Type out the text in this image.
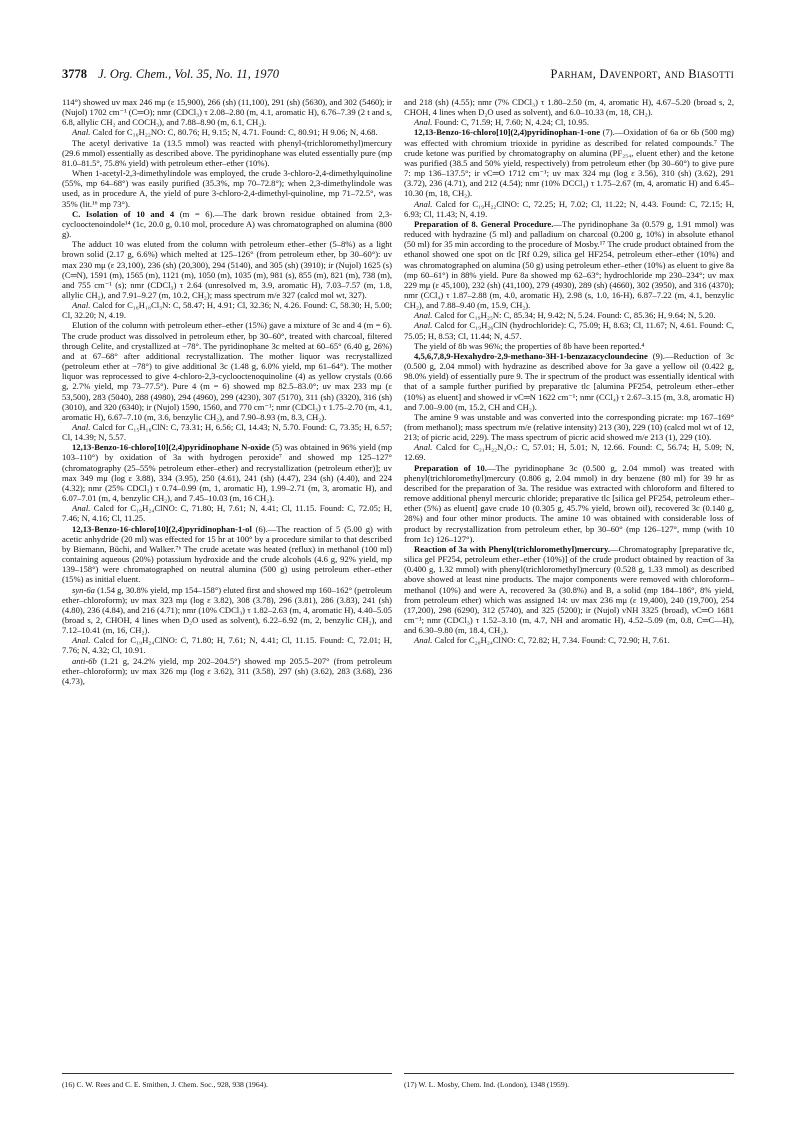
3778 J. Org. Chem., Vol. 35, No. 11, 1970	Parham, Davenport, and Biasotti

114°) showed uv max 246 mμ (ε 15,900), 266 (sh) (11,100), 291 (sh) (5630), and 302 (5460); ir (Nujol) 1702 cm⁻¹ (C═O); nmr (CDCl₃) τ 2.08–2.80 (m, 4.1, aromatic H), 6.76–7.39 (2 t and s, 6.8, allylic CH₂ and COCH₃), and 7.88–8.90 (m, 6.1, CH₂).

Anal. Calcd for C₁₆H₂₂NO: C, 80.76; H, 9.15; N, 4.71. Found: C, 80.91; H 9.06; N, 4.68.

The acetyl derivative 1a (13.5 mmol) was reacted with phenyl-(trichloromethyl)mercury (29.6 mmol) essentially as described above. The pyridinophane was eluted essentially pure (mp 81.0–81.5°, 75.8% yield) with petroleum ether–ether (10%).

When 1-acetyl-2,3-dimethylindole was employed, the crude 3-chloro-2,4-dimethylquinoline (55%, mp 64–68°) was easily purified (35.3%, mp 70–72.8°); when 2,3-dimethylindole was used, as in procedure A, the yield of pure 3-chloro-2,4-dimethyl-quinoline, mp 71–72.5°, was 35% (lit.¹⁶ mp 73°).

C. Isolation of 10 and 4 (m = 6).—The dark brown residue obtained from 2,3-cyclooctenoindole¹⁴ (1c, 20.0 g, 0.10 mol, procedure A) was chromatographed on alumina (800 g).

The adduct 10 was eluted from the column with petroleum ether–ether (5–8%) as a light brown solid (2.17 g, 6.6%) which melted at 125–126° (from petroleum ether, bp 30–60°): uv max 230 mμ (ε 23,100), 236 (sh) (20,300), 294 (5140), and 305 (sh) (3910); ir (Nujol) 1625 (s) (C═N), 1591 (m), 1565 (m), 1121 (m), 1050 (m), 1035 (m), 981 (s), 855 (m), 821 (m), 738 (m), and 755 cm⁻¹ (s); nmr (CDCl₃) τ 2.64 (unresolved m, 3.9, aromatic H), 7.03–7.57 (m, 1.8, allylic CH₂), and 7.91–9.27 (m, 10.2, CH₂); mass spectrum m/e 327 (calcd mol wt, 327).

Anal. Calcd for C₁₆H₁₈Cl₃N: C, 58.47; H, 4.91; Cl, 32.36; N, 4.26. Found: C, 58.30; H, 5.00; Cl, 32.20; N, 4.19.

Elution of the column with petroleum ether–ether (15%) gave a mixture of 3c and 4 (m = 6). The crude product was dissolved in petroleum ether, bp 30–60°, treated with charcoal, filtered through Celite, and crystallized at −78°. The pyridinophane 3c melted at 60–65° (6.40 g, 26%) and at 67–68° after additional recrystallization. The mother liquor was recrystallized (petroleum ether at −78°) to give additional 3c (1.48 g, 6.0% yield, mp 61–64°). The mother liquor was reprocessed to give 4-chloro-2,3-cyclooctenoquinoline (4) as yellow crystals (0.66 g, 2.7% yield, mp 73–77.5°). Pure 4 (m = 6) showed mp 82.5–83.0°; uv max 233 mμ (ε 53,500), 283 (5040), 288 (4980), 294 (4960), 299 (4230), 307 (5170), 311 (sh) (3320), 316 (sh) (3010), and 320 (6340); ir (Nujol) 1590, 1560, and 770 cm⁻¹; nmr (CDCl₃) τ 1.75–2.70 (m, 4.1, aromatic H), 6.67–7.10 (m, 3.6, benzylic CH₂), and 7.90–8.93 (m, 8.3, CH₂).

Anal. Calcd for C₁₅H₁₆ClN: C, 73.31; H, 6.56; Cl, 14.43; N, 5.70. Found: C, 73.35; H, 6.57; Cl, 14.39; N, 5.57.

12,13-Benzo-16-chloro[10](2,4)pyridinophane N-oxide (5) was obtained in 96% yield (mp 103–110°) by oxidation of 3a with hydrogen peroxide⁷ and showed mp 125–127° (chromatography (25–55% petroleum ether–ether) and recrystallization (petroleum ether)]; uv max 349 mμ (log ε 3.88), 334 (3.95), 250 (4.61), 241 (sh) (4.47), 234 (sh) (4.40), and 224 (4.32); nmr (25% CDCl₃) τ 0.74–0.99 (m, 1, aromatic H), 1.99–2.71 (m, 3, aromatic H), and 6.07–7.01 (m, 4, benzylic CH₂), and 7.45–10.03 (m, 16 CH₂).

Anal. Calcd for C₁₉H₂₄ClNO: C, 71.80; H, 7.61; N, 4.41; Cl, 11.15. Found: C, 72.05; H, 7.46; N, 4.16; Cl, 11.25.

12,13-Benzo-16-chloro[10](2,4)pyridinophan-1-ol (6).—The reaction of 5 (5.00 g) with acetic anhydride (20 ml) was effected for 15 hr at 100° by a procedure similar to that described by Biemann, Büchi, and Walker.⁷ᵇ The crude acetate was heated (reflux) in methanol (100 ml) containing aqueous (20%) potassium hydroxide and the crude alcohols (4.6 g, 92% yield, mp 139–158°) were chromatographed on neutral alumina (500 g) using petroleum ether–ether (15%) as initial eluent.

syn-6a (1.54 g, 30.8% yield, mp 154–158°) eluted first and showed mp 160–162° (petroleum ether–chloroform); uv max 323 mμ (log ε 3.82), 308 (3.78), 296 (3.81), 286 (3.83), 241 (sh) (4.80), 236 (4.84), and 216 (4.71); nmr (10% CDCl₃) τ 1.82–2.63 (m, 4, aromatic H), 4.40–5.05 (broad s, 2, CHOH, 4 lines when D₂O used as solvent), 6.22–6.92 (m, 2, benzylic CH₂), and 7.12–10.41 (m, 16, CH₂).

Anal. Calcd for C₁₉H₂₄ClNO: C, 71.80; H, 7.61; N, 4.41; Cl, 11.15. Found: C, 72.01; H, 7.76; N, 4.32; Cl, 10.91.

anti-6b (1.21 g, 24.2% yield, mp 202–204.5°) showed mp 205.5–207° (from petroleum ether–chloroform); uv max 326 mμ (log ε 3.62), 311 (3.58), 297 (sh) (3.62), 283 (3.68), 236 (4.73),

and 218 (sh) (4.55); nmr (7% CDCl₃) τ 1.80–2.50 (m, 4, aromatic H), 4.67–5.20 (broad s, 2, CHOH, 4 lines when D₂O used as solvent), and 6.0–10.33 (m, 18, CH₂).

Anal. Found: C, 71.59; H, 7.60; N, 4.24; Cl, 10.95.

12,13-Benzo-16-chloro[10](2,4)pyridinophan-1-one (7).—Oxidation of 6a or 6b (500 mg) was effected with chromium trioxide in pyridine as described for related compounds.⁷ The crude ketone was purified by chromatography on alumina (PF₂₅₄, eluent ether) and the ketone was purified (38.5 and 50% yield, respectively) from petroleum ether (bp 30–60°) to give pure 7: mp 136–137.5°; ir νC═O 1712 cm⁻¹; uv max 324 mμ (log ε 3.56), 310 (sh) (3.62), 291 (3.72), 236 (4.71), and 212 (4.54); nmr (10% DCCl₃) τ 1.75–2.67 (m, 4, aromatic H) and 6.45–10.30 (m, 18, CH₂).

Anal. Calcd for C₁₉H₂₂ClNO: C, 72.25; H, 7.02; Cl, 11.22; N, 4.43. Found: C, 72.15; H, 6.93; Cl, 11.43; N, 4.19.

Preparation of 8. General Procedure.—The pyridinophane 3a (0.579 g, 1.91 mmol) was reduced with hydrazine (5 ml) and palladium on charcoal (0.200 g, 10%) in absolute ethanol (50 ml) for 35 min according to the procedure of Mosby.¹⁷ The crude product obtained from the ethanol showed one spot on tlc [Rf 0.29, silica gel HF254, petroleum ether–ether (10%) and was chromatographed on alumina (50 g) using petroleum ether–ether (10%) as eluent to give 8a (mp 60–61°) in 88% yield. Pure 8a showed mp 62–63°; hydrochloride mp 230–234°; uv max 229 mμ (ε 45,100), 232 (sh) (41,100), 279 (4930), 289 (sh) (4660), 302 (3950), and 316 (4370); nmr (CCl₄) τ 1.87–2.88 (m, 4.0, aromatic H), 2.98 (s, 1.0, 16-H), 6.87–7.22 (m, 4.1, benzylic CH₂), and 7.88–9.40 (m, 15.9, CH₂).

Anal. Calcd for C₁₉H₂₅N: C, 85.34; H, 9.42; N, 5.24. Found: C, 85.36; H, 9.64; N, 5.20.

Anal. Calcd for C₁₉H₂₆ClN (hydrochloride): C, 75.09; H, 8.63; Cl, 11.67; N, 4.61. Found: C, 75.05; H, 8.53; Cl, 11.44; N, 4.57.

The yield of 8b was 96%; the properties of 8b have been reported.⁴

4,5,6,7,8,9-Hexahydro-2,9-methano-3H-1-benzazacycloundecine (9).—Reduction of 3c (0.500 g, 2.04 mmol) with hydrazine as described above for 3a gave a yellow oil (0.422 g, 98.0% yield) of essentially pure 9. The ir spectrum of the product was essentially identical with that of a sample further purified by preparative tlc [alumina PF254, petroleum ether–ether (10%) as eluent] and showed ir νC═N 1622 cm⁻¹; nmr (CCl₄) τ 2.67–3.15 (m, 3.8, aromatic H) and 7.00–9.00 (m, 15.2, CH and CH₂).

The amine 9 was unstable and was converted into the corresponding picrate: mp 167–169° (from methanol); mass spectrum m/e (relative intensity) 213 (30), 229 (10) (calcd mol wt of 12, 213; of picric acid, 229). The mass spectrum of picric acid showed m/e 213 (1), 229 (10).

Anal. Calcd for C₂₁H₂₂N₄O₇: C, 57.01; H, 5.01; N, 12.66. Found: C, 56.74; H, 5.09; N, 12.69.

Preparation of 10.—The pyridinophane 3c (0.500 g, 2.04 mmol) was treated with phenyl(trichloromethyl)mercury (0.806 g, 2.04 mmol) in dry benzene (80 ml) for 39 hr as described for the preparation of 3a. The residue was extracted with chloroform and filtered to remove additional phenyl mercuric chloride; preparative tlc [silica gel PF254, petroleum ether–ether (5%) as eluent] gave crude 10 (0.305 g, 45.7% yield, brown oil), recovered 3c (0.140 g, 28%) and four other minor products. The amine 10 was obtained with considerable loss of product by recrystallization from petroleum ether, bp 30–60° (mp 126–127°, mmp (with 10 from 1c) 126–127°).

Reaction of 3a with Phenyl(trichloromethyl)mercury.—Chromatography [preparative tlc, silica gel PF254, petroleum ether–ether (10%)] of the crude product obtained by reaction of 3a (0.400 g, 1.32 mmol) with phenyl(trichloromethyl)mercury (0.528 g, 1.33 mmol) as described above showed at least nine products. The major components were removed with chloroform–methanol (10%) and were A, recovered 3a (30.8%) and B, a solid (mp 184–186°, 8% yield, from petroleum ether) which was assigned 14: uv max 236 mμ (ε 19,400), 240 (19,700), 254 (17,200), 298 (6290), 312 (5740), and 325 (5200); ir (Nujol) νNH 3325 (broad), νC═O 1681 cm⁻¹; nmr (CDCl₃) τ 1.52–3.10 (m, 4.7, NH and aromatic H), 4.52–5.09 (m, 0.8, C═C—H), and 6.30–9.80 (m, 18.4, CH₂).

Anal. Calcd for C₂₀H₂₄ClNO: C, 72.82; H, 7.34. Found: C, 72.90; H, 7.61.

(16) C. W. Rees and C. E. Smithen, J. Chem. Soc., 928, 938 (1964).	(17) W. L. Mosby, Chem. Ind. (London), 1348 (1959).
